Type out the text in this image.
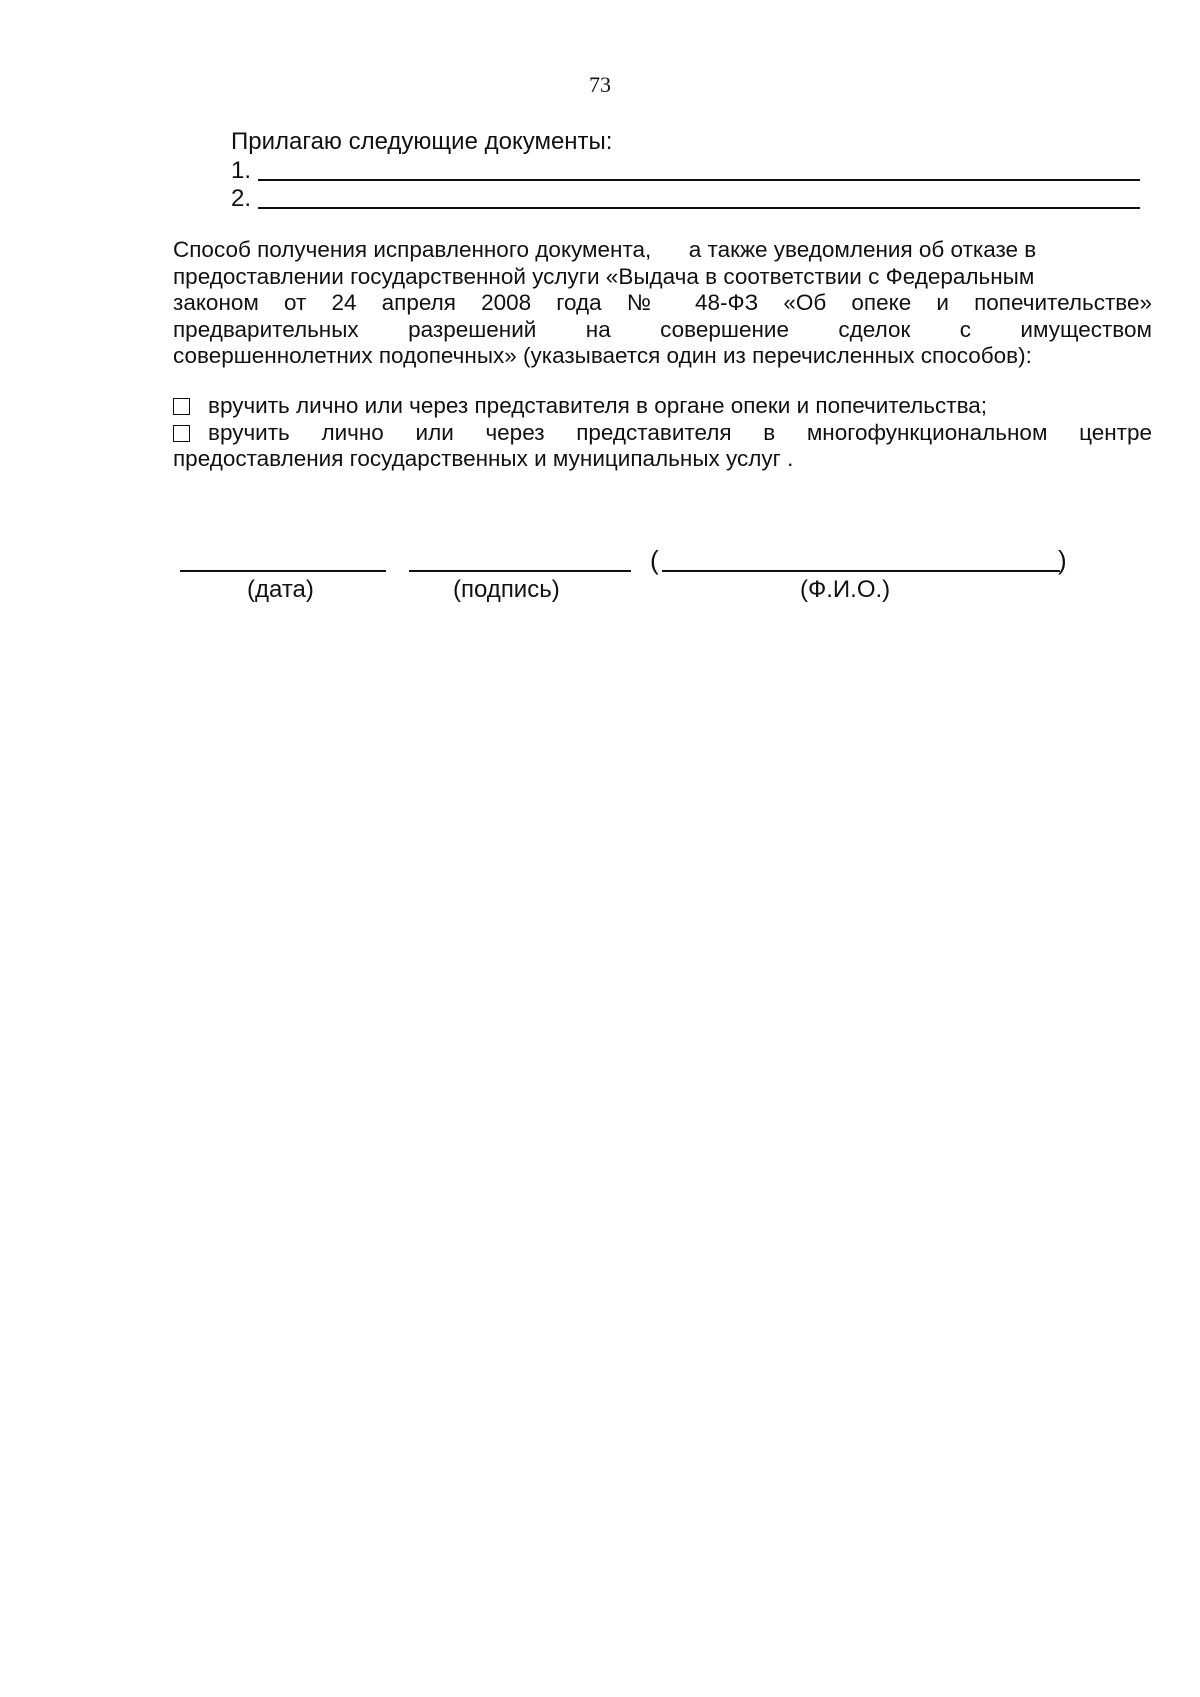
73
Прилагаю следующие документы:
1.
2.
Способ получения исправленного документа,      а также уведомления об отказе в
предоставлении государственной услуги «Выдача в соответствии с Федеральным
законом от 24 апреля 2008 года № 48-ФЗ «Об опеке и попечительстве»
предварительных разрешений на совершение сделок с имуществом
совершеннолетних подопечных» (указывается один из перечисленных способов):
вручить лично или через представителя в органе опеки и попечительства;
вручить лично или через представителя в многофункциональном центре
предоставления государственных и муниципальных услуг .
(	)
(дата)	(подпись)	(Ф.И.О.)
